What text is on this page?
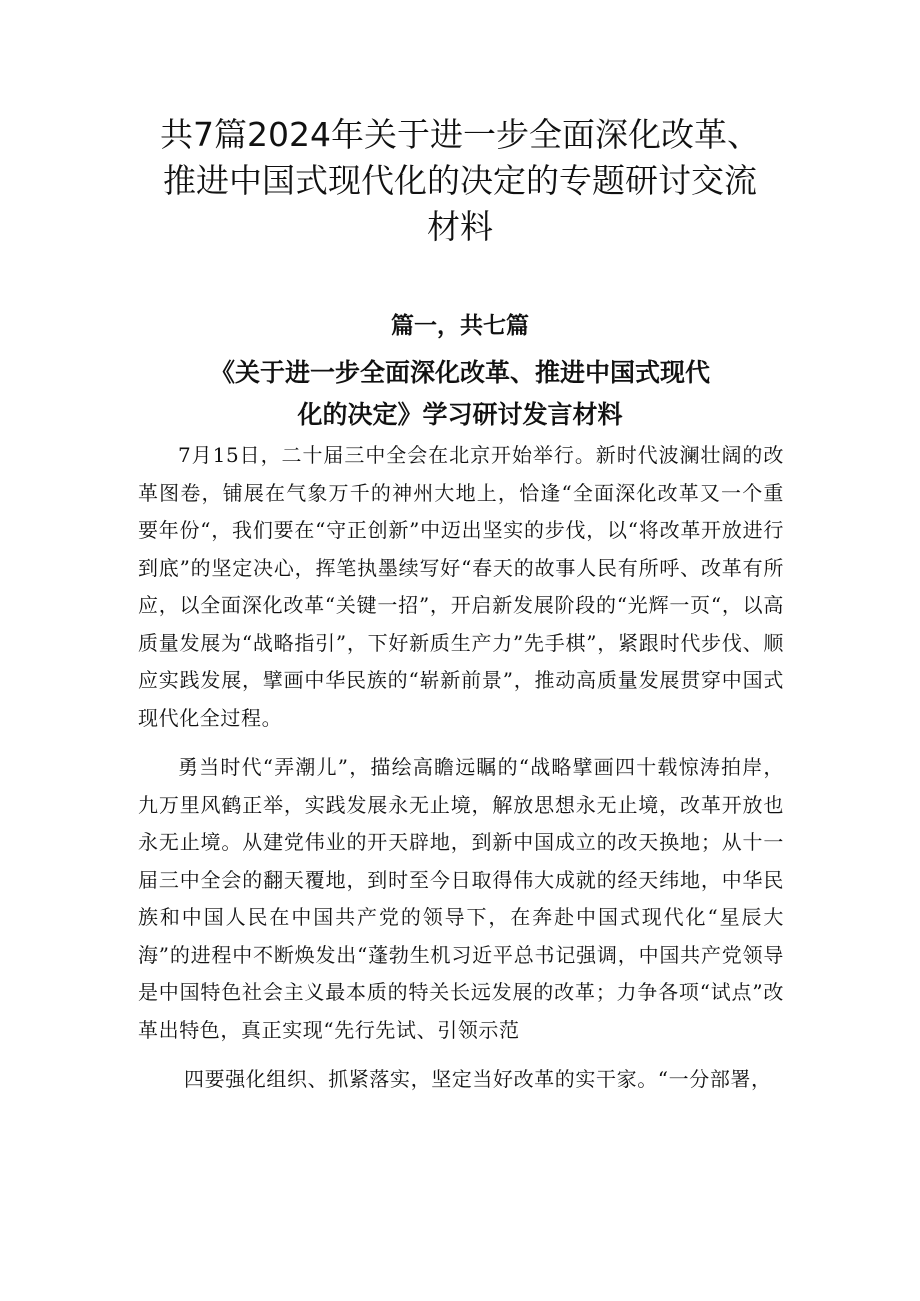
共7篇2024年关于进一步全面深化改革、
推进中国式现代化的决定的专题研讨交流
材料
篇一，共七篇
《关于进一步全面深化改革、推进中国式现代
化的决定》学习研讨发言材料

7月15日，二十届三中全会在北京开始举行。新时代波澜壮阔的改革图卷，铺展在气象万千的神州大地上，恰逢“全面深化改革又一个重要年份“，我们要在“守正创新”中迈出坚实的步伐，以“将改革开放进行到底”的坚定决心，挥笔执墨续写好“春天的故事人民有所呼、改革有所应，以全面深化改革“关键一招”，开启新发展阶段的“光辉一页“，以高质量发展为“战略指引”，下好新质生产力”先手棋”，紧跟时代步伐、顺应实践发展，擘画中华民族的“崭新前景”，推动高质量发展贯穿中国式现代化全过程。

勇当时代“弄潮儿”，描绘高瞻远瞩的“战略擘画四十载惊涛拍岸，九万里风鹤正举，实践发展永无止境，解放思想永无止境，改革开放也永无止境。从建党伟业的开天辟地，到新中国成立的改天换地；从十一届三中全会的翻天覆地，到时至今日取得伟大成就的经天纬地，中华民族和中国人民在中国共产党的领导下，在奔赴中国式现代化“星辰大海”的进程中不断焕发出“蓬勃生机习近平总书记强调，中国共产党领导是中国特色社会主义最本质的特关长远发展的改革；力争各项“试点”改革出特色，真正实现“先行先试、引领示范

四要强化组织、抓紧落实，坚定当好改革的实干家。“一分部署，
